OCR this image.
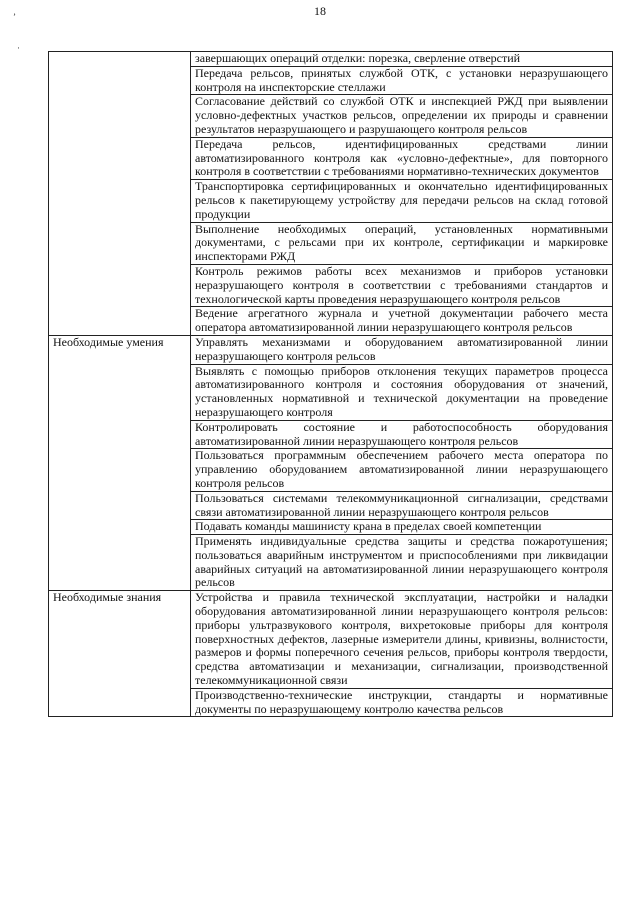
18
’
·
	завершающих операций отделки: порезка, сверление отверстий
	Передача рельсов, принятых службой ОТК, с установки неразрушающего контроля на инспекторские стеллажи
	Согласование действий со службой ОТК и инспекцией РЖД при выявлении условно-дефектных участков рельсов, определении их природы и сравнении результатов неразрушающего и разрушающего контроля рельсов
	Передача рельсов, идентифицированных средствами линии автоматизированного контроля как «условно-дефектные», для повторного контроля в соответствии с требованиями нормативно-технических документов
	Транспортировка сертифицированных и окончательно идентифицированных рельсов к пакетирующему устройству для передачи рельсов на склад готовой продукции
	Выполнение необходимых операций, установленных нормативными документами, с рельсами при их контроле, сертификации и маркировке инспекторами РЖД
	Контроль режимов работы всех механизмов и приборов установки неразрушающего контроля в соответствии с требованиями стандартов и технологической карты проведения неразрушающего контроля рельсов
	Ведение агрегатного журнала и учетной документации рабочего места оператора автоматизированной линии неразрушающего контроля рельсов
Необходимые умения	Управлять механизмами и оборудованием автоматизированной линии неразрушающего контроля рельсов
	Выявлять с помощью приборов отклонения текущих параметров процесса автоматизированного контроля и состояния оборудования от значений, установленных нормативной и технической документации на проведение неразрушающего контроля
	Контролировать состояние и работоспособность оборудования автоматизированной линии неразрушающего контроля рельсов
	Пользоваться программным обеспечением рабочего места оператора по управлению оборудованием автоматизированной линии неразрушающего контроля рельсов
	Пользоваться системами телекоммуникационной сигнализации, средствами связи автоматизированной линии неразрушающего контроля рельсов
	Подавать команды машинисту крана в пределах своей компетенции
	Применять индивидуальные средства защиты и средства пожаротушения; пользоваться аварийным инструментом и приспособлениями при ликвидации аварийных ситуаций на автоматизированной линии неразрушающего контроля рельсов
Необходимые знания	Устройства и правила технической эксплуатации, настройки и наладки оборудования автоматизированной линии неразрушающего контроля рельсов: приборы ультразвукового контроля, вихретоковые приборы для контроля поверхностных дефектов, лазерные измерители длины, кривизны, волнистости, размеров и формы поперечного сечения рельсов, приборы контроля твердости, средства автоматизации и механизации, сигнализации, производственной телекоммуникационной связи
	Производственно-технические инструкции, стандарты и нормативные документы по неразрушающему контролю качества рельсов
